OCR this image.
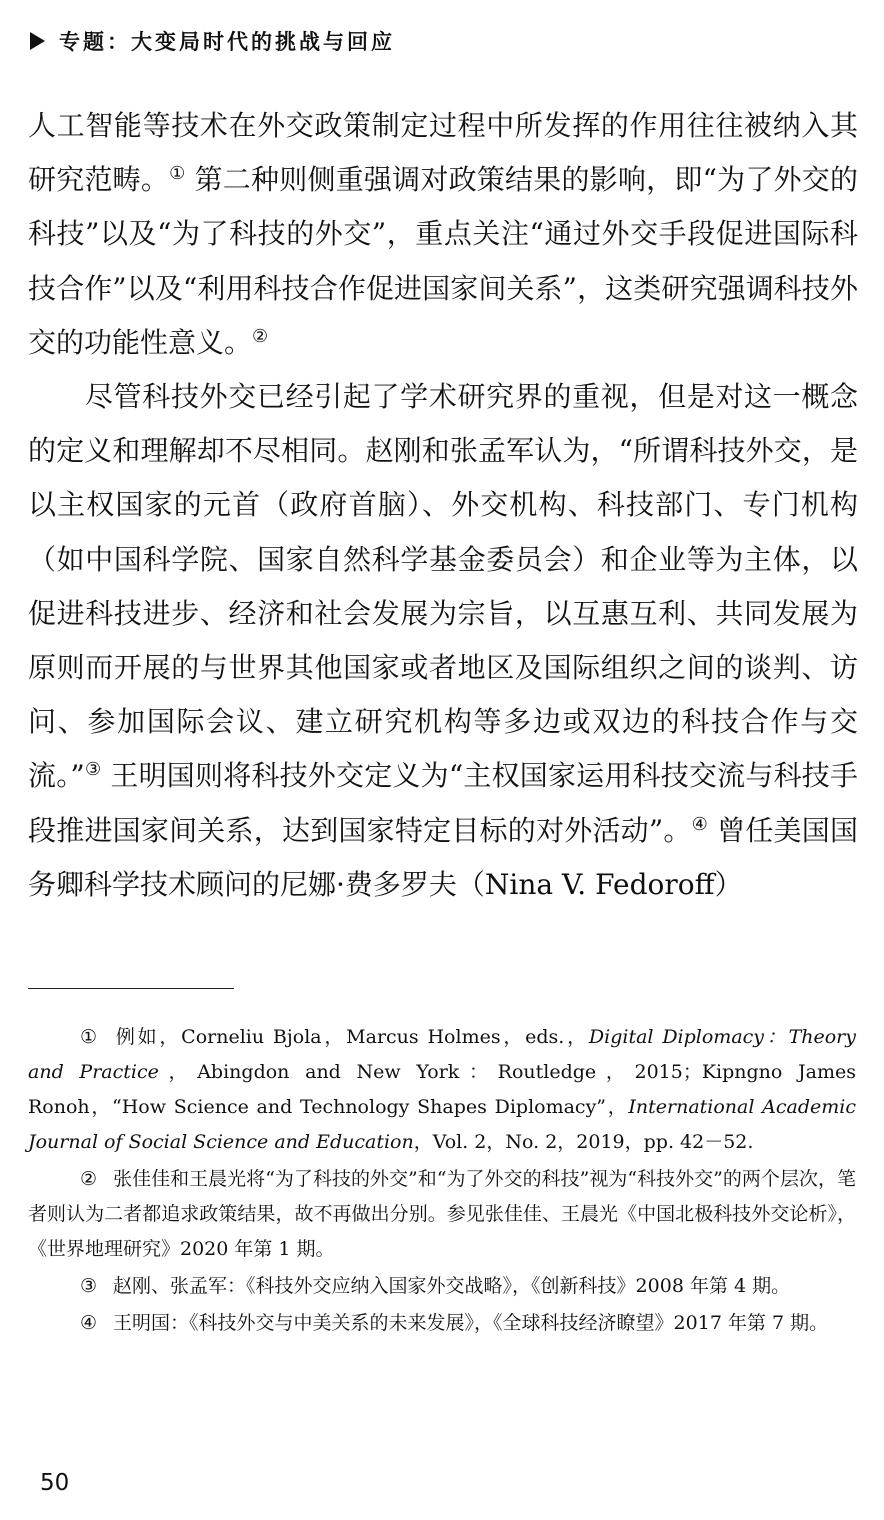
专题：大变局时代的挑战与回应

人工智能等技术在外交政策制定过程中所发挥的作用往往被纳入其研究范畴。① 第二种则侧重强调对政策结果的影响，即“为了外交的科技”以及“为了科技的外交”，重点关注“通过外交手段促进国际科技合作”以及“利用科技合作促进国家间关系”，这类研究强调科技外交的功能性意义。②

尽管科技外交已经引起了学术研究界的重视，但是对这一概念的定义和理解却不尽相同。赵刚和张孟军认为，“所谓科技外交，是以主权国家的元首（政府首脑）、外交机构、科技部门、专门机构（如中国科学院、国家自然科学基金委员会）和企业等为主体，以促进科技进步、经济和社会发展为宗旨，以互惠互利、共同发展为原则而开展的与世界其他国家或者地区及国际组织之间的谈判、访问、参加国际会议、建立研究机构等多边或双边的科技合作与交流。”③ 王明国则将科技外交定义为“主权国家运用科技交流与科技手段推进国家间关系，达到国家特定目标的对外活动”。④ 曾任美国国务卿科学技术顾问的尼娜·费多罗夫（Nina V. Fedoroff）

① 例如，Corneliu Bjola，Marcus Holmes，eds.，Digital Diplomacy：Theory and Practice，Abingdon and New York：Routledge，2015；Kipngno James Ronoh，“How Science and Technology Shapes Diplomacy”，International Academic Journal of Social Science and Education，Vol. 2，No. 2，2019，pp. 42－52.

② 张佳佳和王晨光将“为了科技的外交”和“为了外交的科技”视为“科技外交”的两个层次，笔者则认为二者都追求政策结果，故不再做出分别。参见张佳佳、王晨光《中国北极科技外交论析》，《世界地理研究》2020 年第 1 期。

③ 赵刚、张孟军：《科技外交应纳入国家外交战略》，《创新科技》2008 年第 4 期。

④ 王明国：《科技外交与中美关系的未来发展》，《全球科技经济瞭望》2017 年第 7 期。

50
